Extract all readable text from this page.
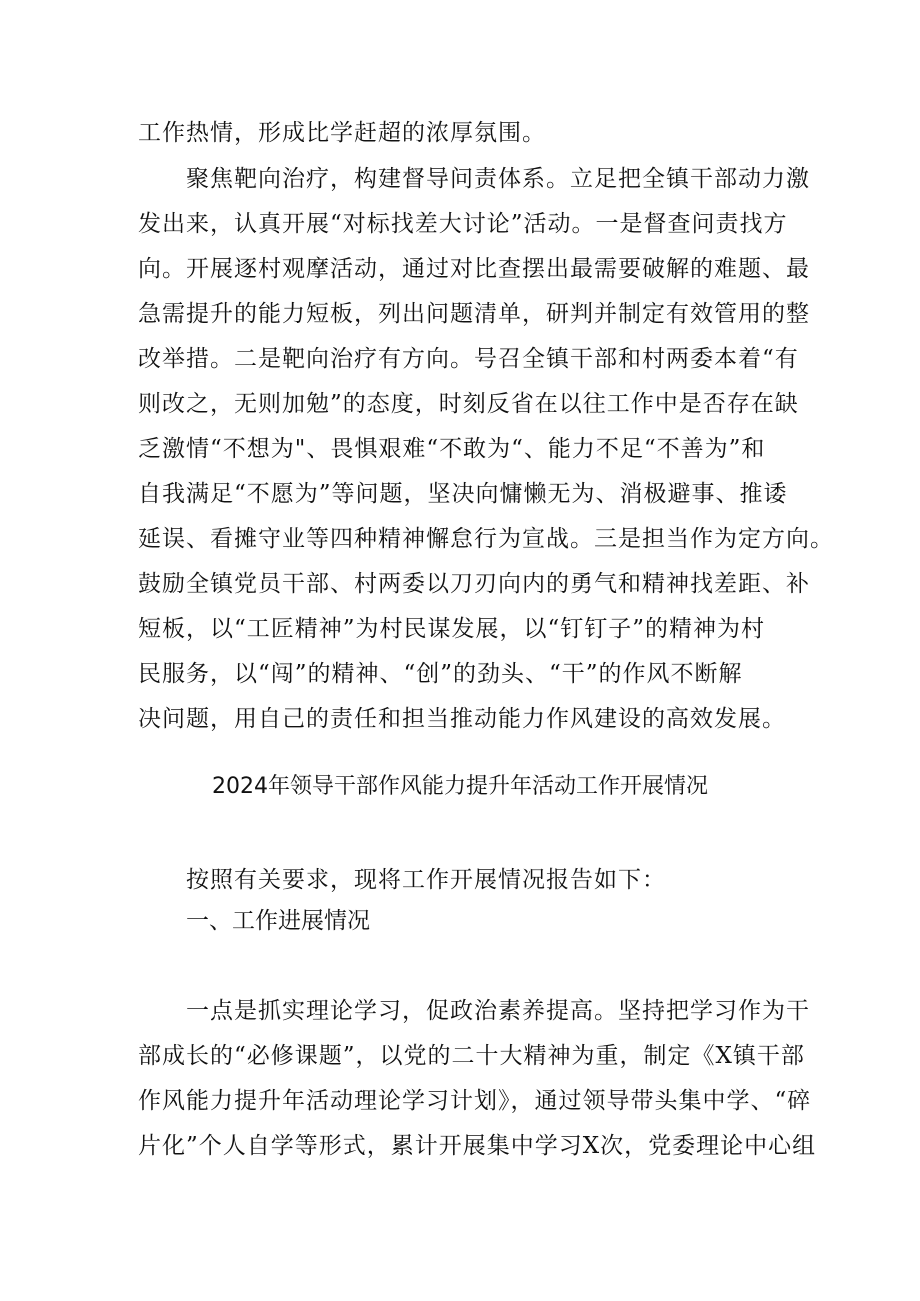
工作热情，形成比学赶超的浓厚氛围。
聚焦靶向治疗，构建督导问责体系。立足把全镇干部动力激
发出来，认真开展“对标找差大讨论”活动。一是督查问责找方
向。开展逐村观摩活动，通过对比查摆出最需要破解的难题、最
急需提升的能力短板，列出问题清单，研判并制定有效管用的整
改举措。二是靶向治疗有方向。号召全镇干部和村两委本着“有
则改之，无则加勉”的态度，时刻反省在以往工作中是否存在缺
乏激情“不想为"、畏惧艰难“不敢为“、能力不足“不善为”和
自我满足“不愿为”等问题，坚决向慵懒无为、消极避事、推诿
延误、看摊守业等四种精神懈怠行为宣战。三是担当作为定方向。
鼓励全镇党员干部、村两委以刀刃向内的勇气和精神找差距、补
短板，以“工匠精神”为村民谋发展，以“钉钉子”的精神为村
民服务，以“闯”的精神、“创”的劲头、“干”的作风不断解
决问题，用自己的责任和担当推动能力作风建设的高效发展。
2024年领导干部作风能力提升年活动工作开展情况
按照有关要求，现将工作开展情况报告如下：
一、工作进展情况
一点是抓实理论学习，促政治素养提高。坚持把学习作为干
部成长的“必修课题”，以党的二十大精神为重，制定《X镇干部
作风能力提升年活动理论学习计划》，通过领导带头集中学、“碎
片化”个人自学等形式，累计开展集中学习X次，党委理论中心组
